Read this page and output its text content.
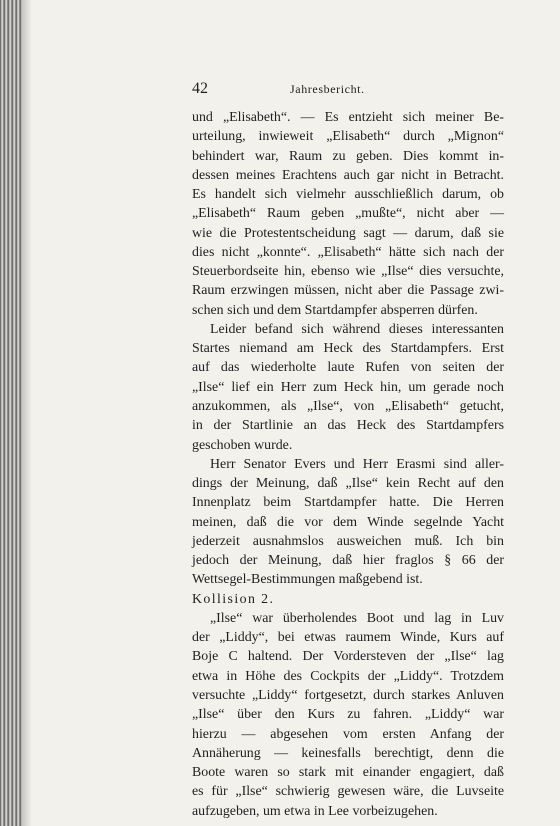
42	Jahresbericht.
und „Elisabeth“. — Es entzieht sich meiner Be-
urteilung, inwieweit „Elisabeth“ durch „Mignon“
behindert war, Raum zu geben. Dies kommt in-
dessen meines Erachtens auch gar nicht in Betracht.
Es handelt sich vielmehr ausschließlich darum, ob
„Elisabeth“ Raum geben „mußte“, nicht aber —
wie die Protestentscheidung sagt — darum, daß sie
dies nicht „konnte“. „Elisabeth“ hätte sich nach der
Steuerbordseite hin, ebenso wie „Ilse“ dies versuchte,
Raum erzwingen müssen, nicht aber die Passage zwi-
schen sich und dem Startdampfer absperren dürfen.
Leider befand sich während dieses interessanten
Startes niemand am Heck des Startdampfers. Erst
auf das wiederholte laute Rufen von seiten der
„Ilse“ lief ein Herr zum Heck hin, um gerade noch
anzukommen, als „Ilse“, von „Elisabeth“ getucht,
in der Startlinie an das Heck des Startdampfers
geschoben wurde.
Herr Senator Evers und Herr Erasmi sind aller-
dings der Meinung, daß „Ilse“ kein Recht auf den
Innenplatz beim Startdampfer hatte. Die Herren
meinen, daß die vor dem Winde segelnde Yacht
jederzeit ausnahmslos ausweichen muß. Ich bin
jedoch der Meinung, daß hier fraglos § 66 der
Wettsegel-Bestimmungen maßgebend ist.
Kollision 2.
„Ilse“ war überholendes Boot und lag in Luv
der „Liddy“, bei etwas raumem Winde, Kurs auf
Boje C haltend. Der Vordersteven der „Ilse“ lag
etwa in Höhe des Cockpits der „Liddy“. Trotzdem
versuchte „Liddy“ fortgesetzt, durch starkes Anluven
„Ilse“ über den Kurs zu fahren. „Liddy“ war
hierzu — abgesehen vom ersten Anfang der
Annäherung — keinesfalls berechtigt, denn die
Boote waren so stark mit einander engagiert, daß
es für „Ilse“ schwierig gewesen wäre, die Luvseite
aufzugeben, um etwa in Lee vorbeizugehen.
